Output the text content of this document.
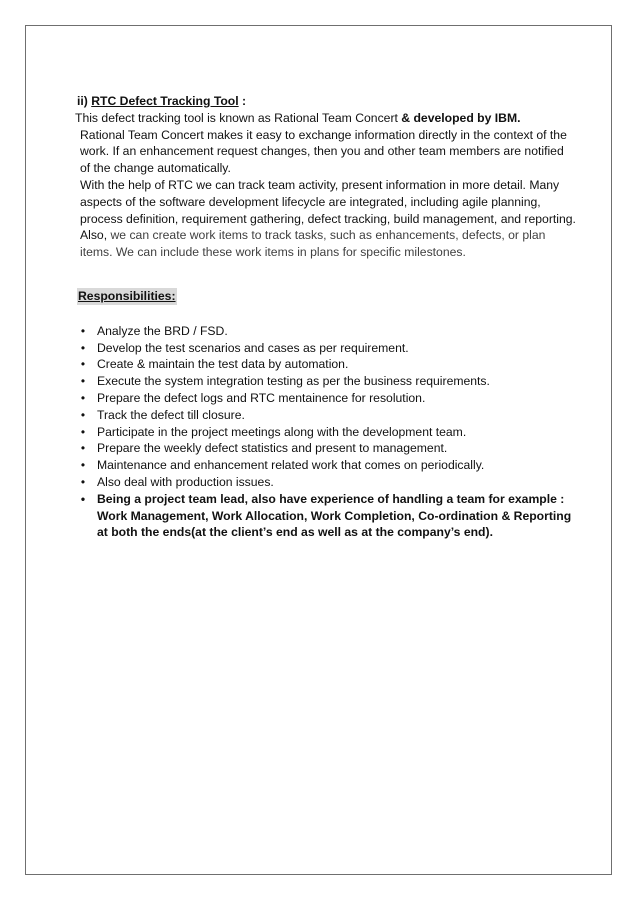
ii) RTC Defect Tracking Tool :
This defect tracking tool is known as Rational Team Concert & developed by IBM.
Rational Team Concert makes it easy to exchange information directly in the context of the work. If an enhancement request changes, then you and other team members are notified of the change automatically.
With the help of RTC we can track team activity, present information in more detail. Many aspects of the software development lifecycle are integrated, including agile planning, process definition, requirement gathering, defect tracking, build management, and reporting. Also, we can create work items to track tasks, such as enhancements, defects, or plan items. We can include these work items in plans for specific milestones.
Responsibilities:
• Analyze the BRD / FSD.
• Develop the test scenarios and cases as per requirement.
• Create & maintain the test data by automation.
• Execute the system integration testing as per the business requirements.
• Prepare the defect logs and RTC mentainence for resolution.
• Track the defect till closure.
• Participate in the project meetings along with the development team.
• Prepare the weekly defect statistics and present to management.
• Maintenance and enhancement related work that comes on periodically.
• Also deal with production issues.
• Being a project team lead, also have experience of handling a team for example : Work Management, Work Allocation, Work Completion, Co-ordination & Reporting at both the ends(at the client’s end as well as at the company’s end).
